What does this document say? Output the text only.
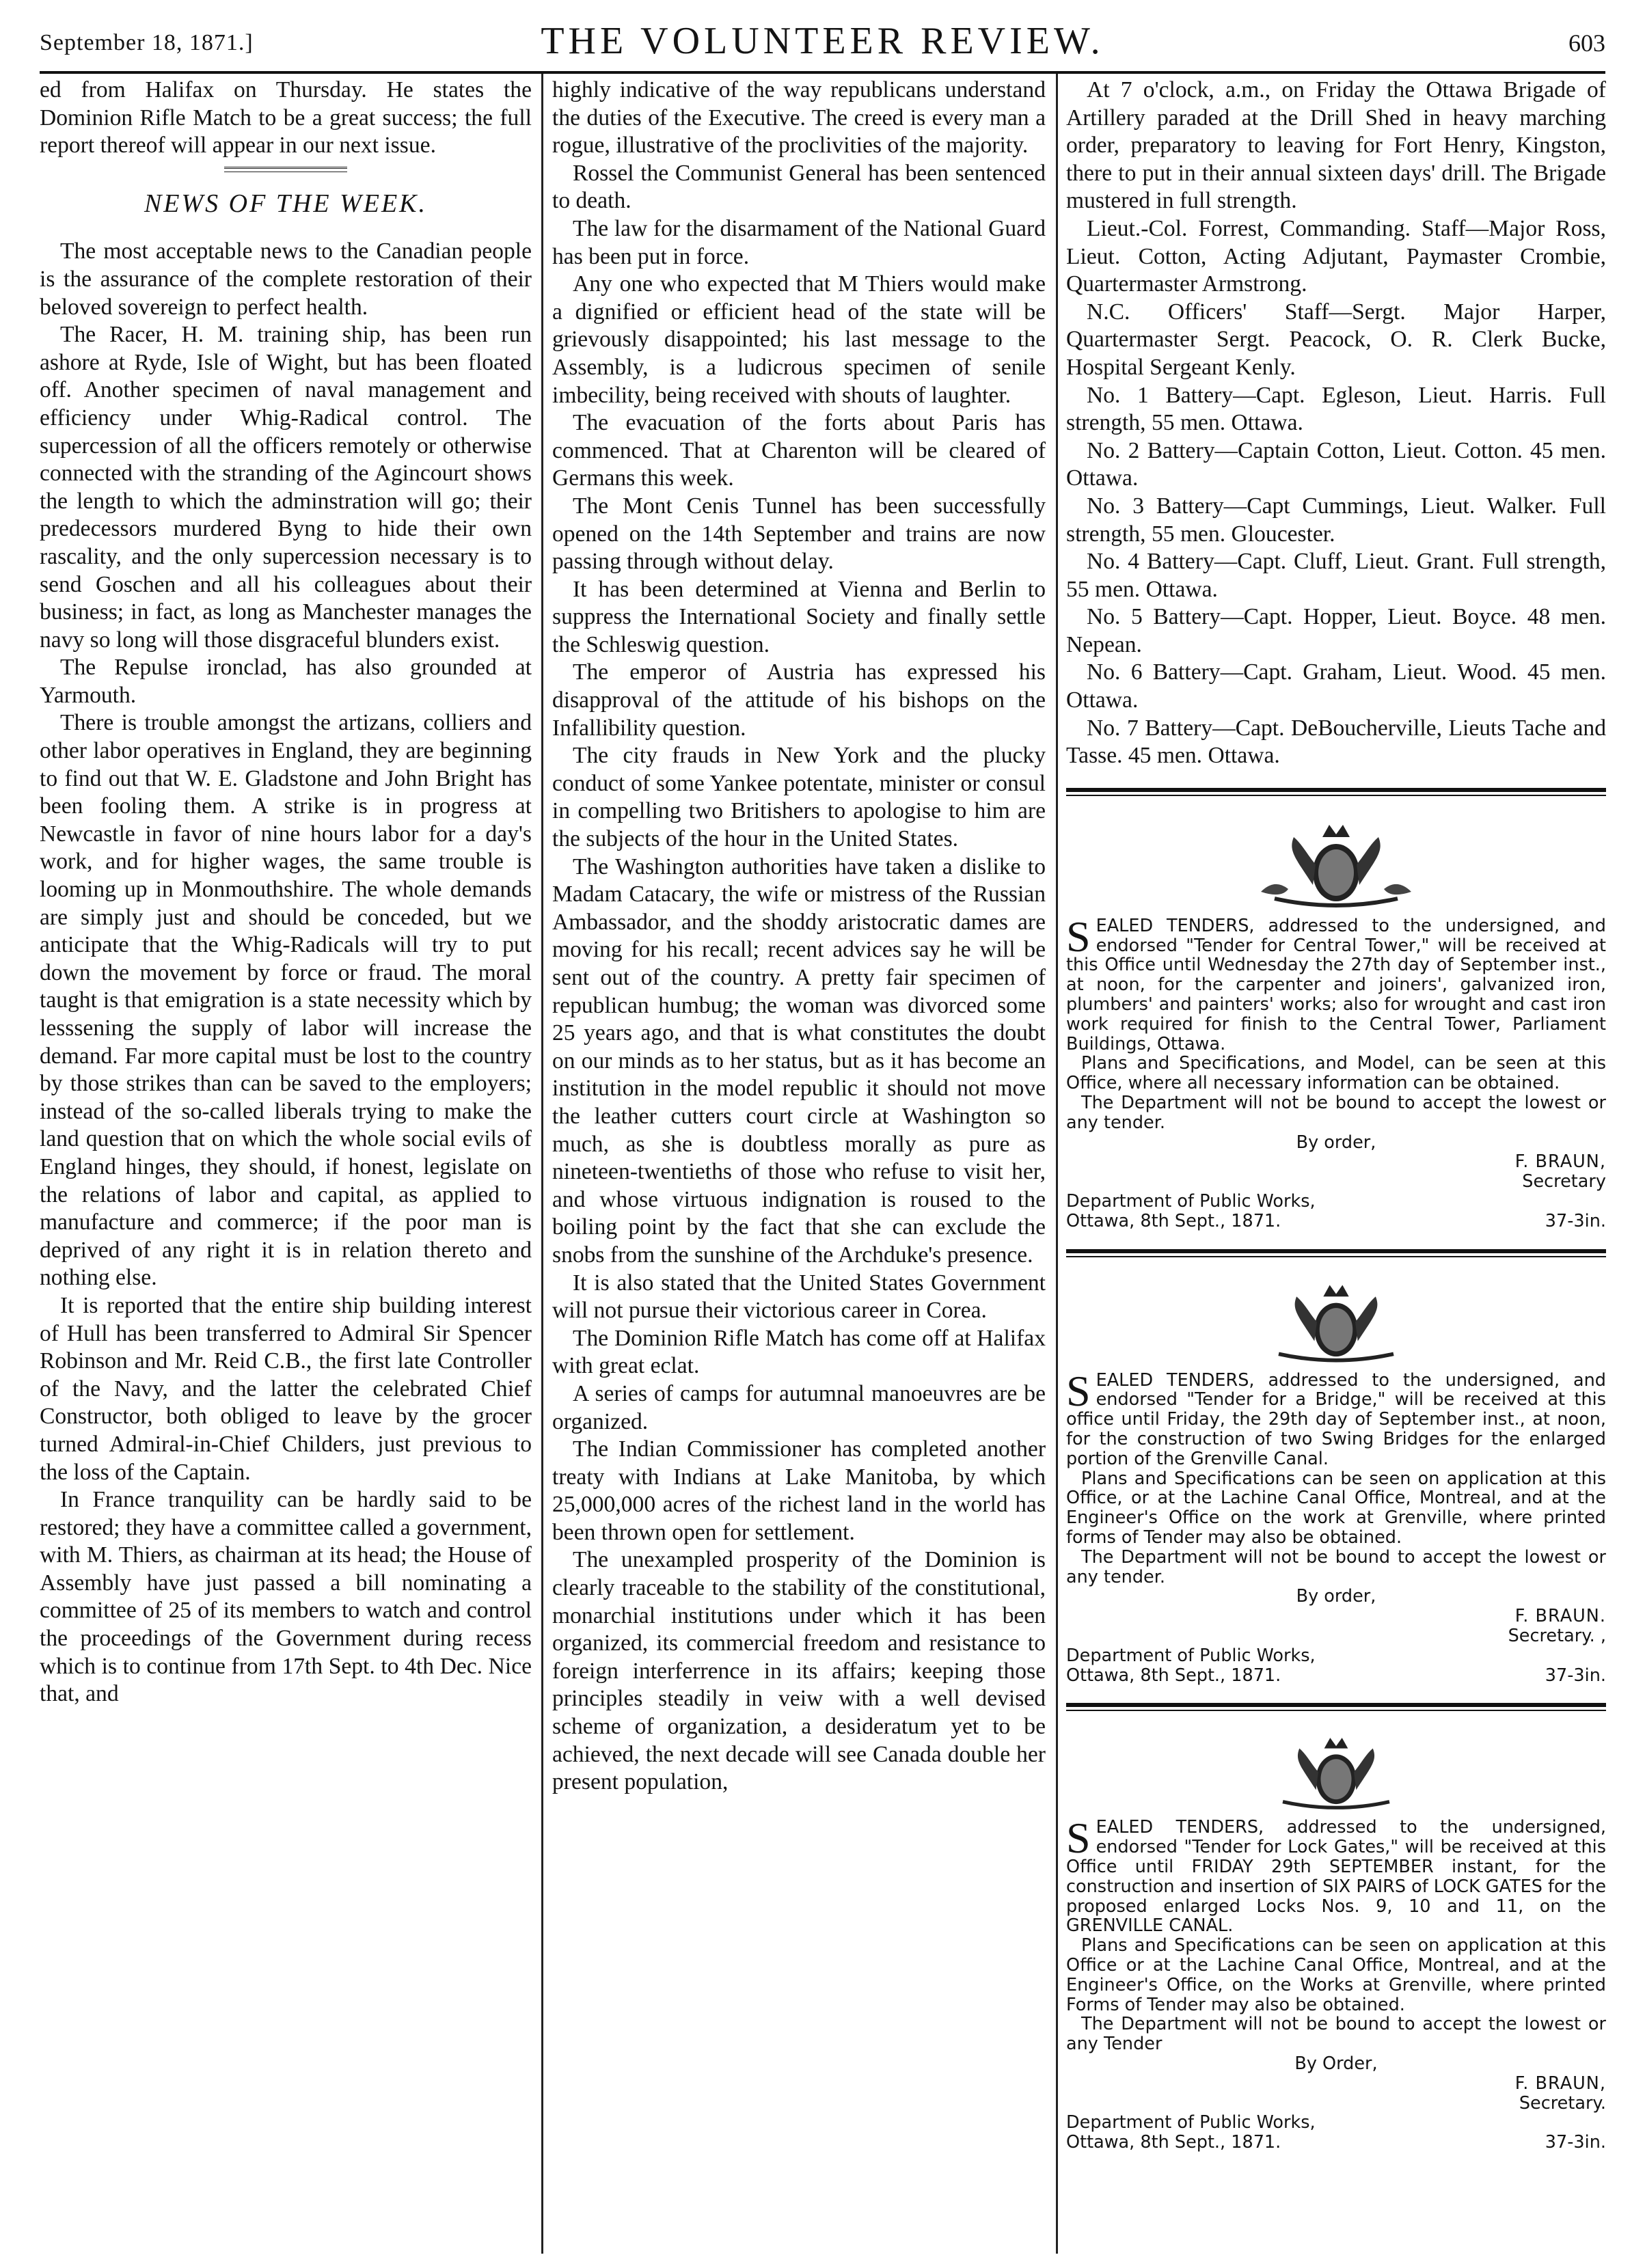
September 18, 1871.]	THE VOLUNTEER REVIEW.	603

ed from Halifax on Thursday. He states the Dominion Rifle Match to be a great success; the full report thereof will appear in our next issue.

NEWS OF THE WEEK.

The most acceptable news to the Canadian people is the assurance of the complete restoration of their beloved sovereign to perfect health.

The Racer, H. M. training ship, has been run ashore at Ryde, Isle of Wight, but has been floated off. Another specimen of naval management and efficiency under Whig-Radical control. The supercession of all the officers remotely or otherwise connected with the stranding of the Agincourt shows the length to which the adminstration will go; their predecessors murdered Byng to hide their own rascality, and the only supercession necessary is to send Goschen and all his colleagues about their business; in fact, as long as Manchester manages the navy so long will those disgraceful blunders exist.

The Repulse ironclad, has also grounded at Yarmouth.

There is trouble amongst the artizans, colliers and other labor operatives in England, they are beginning to find out that W. E. Gladstone and John Bright has been fooling them. A strike is in progress at Newcastle in favor of nine hours labor for a day's work, and for higher wages, the same trouble is looming up in Monmouthshire. The whole demands are simply just and should be conceded, but we anticipate that the Whig-Radicals will try to put down the movement by force or fraud. The moral taught is that emigration is a state necessity which by lesssening the supply of labor will increase the demand. Far more capital must be lost to the country by those strikes than can be saved to the employers; instead of the so-called liberals trying to make the land question that on which the whole social evils of England hinges, they should, if honest, legislate on the relations of labor and capital, as applied to manufacture and commerce; if the poor man is deprived of any right it is in relation thereto and nothing else.

It is reported that the entire ship building interest of Hull has been transferred to Admiral Sir Spencer Robinson and Mr. Reid C.B., the first late Controller of the Navy, and the latter the celebrated Chief Constructor, both obliged to leave by the grocer turned Admiral-in-Chief Childers, just previous to the loss of the Captain.

In France tranquility can be hardly said to be restored; they have a committee called a government, with M. Thiers, as chairman at its head; the House of Assembly have just passed a bill nominating a committee of 25 of its members to watch and control the proceedings of the Government during recess which is to continue from 17th Sept. to 4th Dec. Nice that, and

highly indicative of the way republicans understand the duties of the Executive. The creed is every man a rogue, illustrative of the proclivities of the majority.

Rossel the Communist General has been sentenced to death.

The law for the disarmament of the National Guard has been put in force.

Any one who expected that M Thiers would make a dignified or efficient head of the state will be grievously disappointed; his last message to the Assembly, is a ludicrous specimen of senile imbecility, being received with shouts of laughter.

The evacuation of the forts about Paris has commenced. That at Charenton will be cleared of Germans this week.

The Mont Cenis Tunnel has been successfully opened on the 14th September and trains are now passing through without delay.

It has been determined at Vienna and Berlin to suppress the International Society and finally settle the Schleswig question.

The emperor of Austria has expressed his disapproval of the attitude of his bishops on the Infallibility question.

The city frauds in New York and the plucky conduct of some Yankee potentate, minister or consul in compelling two Britishers to apologise to him are the subjects of the hour in the United States.

The Washington authorities have taken a dislike to Madam Catacary, the wife or mistress of the Russian Ambassador, and the shoddy aristocratic dames are moving for his recall; recent advices say he will be sent out of the country. A pretty fair specimen of republican humbug; the woman was divorced some 25 years ago, and that is what constitutes the doubt on our minds as to her status, but as it has become an institution in the model republic it should not move the leather cutters court circle at Washington so much, as she is doubtless morally as pure as nineteen-twentieths of those who refuse to visit her, and whose virtuous indignation is roused to the boiling point by the fact that she can exclude the snobs from the sunshine of the Archduke's presence.

It is also stated that the United States Government will not pursue their victorious career in Corea.

The Dominion Rifle Match has come off at Halifax with great eclat.

A series of camps for autumnal manoeuvres are be organized.

The Indian Commissioner has completed another treaty with Indians at Lake Manitoba, by which 25,000,000 acres of the richest land in the world has been thrown open for settlement.

The unexampled prosperity of the Dominion is clearly traceable to the stability of the constitutional, monarchial institutions under which it has been organized, its commercial freedom and resistance to foreign interferrence in its affairs; keeping those principles steadily in veiw with a well devised scheme of organization, a desideratum yet to be achieved, the next decade will see Canada double her present population,

At 7 o'clock, a.m., on Friday the Ottawa Brigade of Artillery paraded at the Drill Shed in heavy marching order, preparatory to leaving for Fort Henry, Kingston, there to put in their annual sixteen days' drill. The Brigade mustered in full strength.

Lieut.-Col. Forrest, Commanding. Staff—Major Ross, Lieut. Cotton, Acting Adjutant, Paymaster Crombie, Quartermaster Armstrong.

N.C. Officers' Staff—Sergt. Major Harper, Quartermaster Sergt. Peacock, O. R. Clerk Bucke, Hospital Sergeant Kenly.

No. 1 Battery—Capt. Egleson, Lieut. Harris. Full strength, 55 men. Ottawa.

No. 2 Battery—Captain Cotton, Lieut. Cotton. 45 men. Ottawa.

No. 3 Battery—Capt Cummings, Lieut. Walker. Full strength, 55 men. Gloucester.

No. 4 Battery—Capt. Cluff, Lieut. Grant. Full strength, 55 men. Ottawa.

No. 5 Battery—Capt. Hopper, Lieut. Boyce. 48 men. Nepean.

No. 6 Battery—Capt. Graham, Lieut. Wood. 45 men. Ottawa.

No. 7 Battery—Capt. DeBoucherville, Lieuts Tache and Tasse. 45 men. Ottawa.

SEALED TENDERS, addressed to the undersigned, and endorsed "Tender for Central Tower," will be received at this Office until Wednesday the 27th day of September inst., at noon, for the carpenter and joiners', galvanized iron, plumbers' and painters' works; also for wrought and cast iron work required for finish to the Central Tower, Parliament Buildings, Ottawa.

Plans and Specifications, and Model, can be seen at this Office, where all necessary information can be obtained.

The Department will not be bound to accept the lowest or any tender.

By order,
F. BRAUN,
Secretary
Department of Public Works,
Ottawa, 8th Sept., 1871.	37-3in.

SEALED TENDERS, addressed to the undersigned, and endorsed "Tender for a Bridge," will be received at this office until Friday, the 29th day of September inst., at noon, for the construction of two Swing Bridges for the enlarged portion of the Grenville Canal.

Plans and Specifications can be seen on application at this Office, or at the Lachine Canal Office, Montreal, and at the Engineer's Office on the work at Grenville, where printed forms of Tender may also be obtained.

The Department will not be bound to accept the lowest or any tender.

By order,
F. BRAUN.
Secretary. ,
Department of Public Works,
Ottawa, 8th Sept., 1871.	37-3in.

SEALED TENDERS, addressed to the undersigned, endorsed "Tender for Lock Gates," will be received at this Office until FRIDAY 29th SEPTEMBER instant, for the construction and insertion of SIX PAIRS of LOCK GATES for the proposed enlarged Locks Nos. 9, 10 and 11, on the GRENVILLE CANAL.

Plans and Specifications can be seen on application at this Office or at the Lachine Canal Office, Montreal, and at the Engineer's Office, on the Works at Grenville, where printed Forms of Tender may also be obtained.

The Department will not be bound to accept the lowest or any Tender

By Order,
F. BRAUN,
Secretary.
Department of Public Works,
Ottawa, 8th Sept., 1871.	37-3in.
